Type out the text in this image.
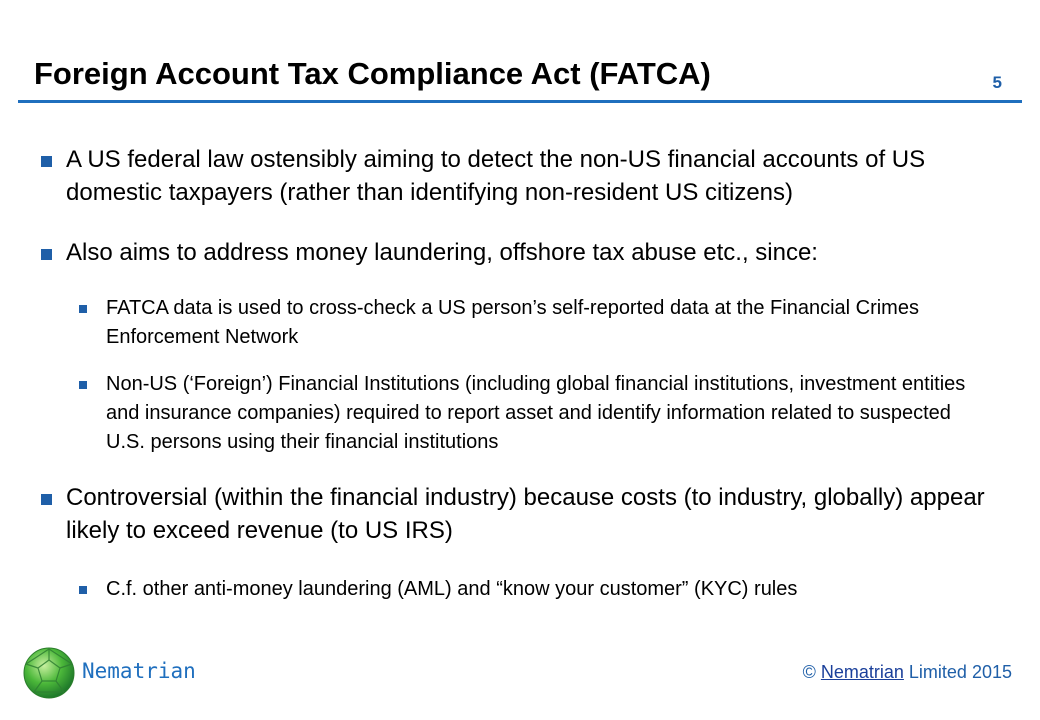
Foreign Account Tax Compliance Act (FATCA)	5
A US federal law ostensibly aiming to detect the non-US financial accounts of US domestic taxpayers (rather than identifying non-resident US citizens)
Also aims to address money laundering, offshore tax abuse etc., since:
FATCA data is used to cross-check a US person’s self-reported data at the Financial Crimes Enforcement Network
Non-US (‘Foreign’) Financial Institutions (including global financial institutions, investment entities and insurance companies) required to report asset and identify information related to suspected U.S. persons using their financial institutions
Controversial (within the financial industry) because costs (to industry, globally) appear likely to exceed revenue (to US IRS)
C.f. other anti-money laundering (AML) and “know your customer” (KYC) rules
Nematrian	© Nematrian Limited 2015
